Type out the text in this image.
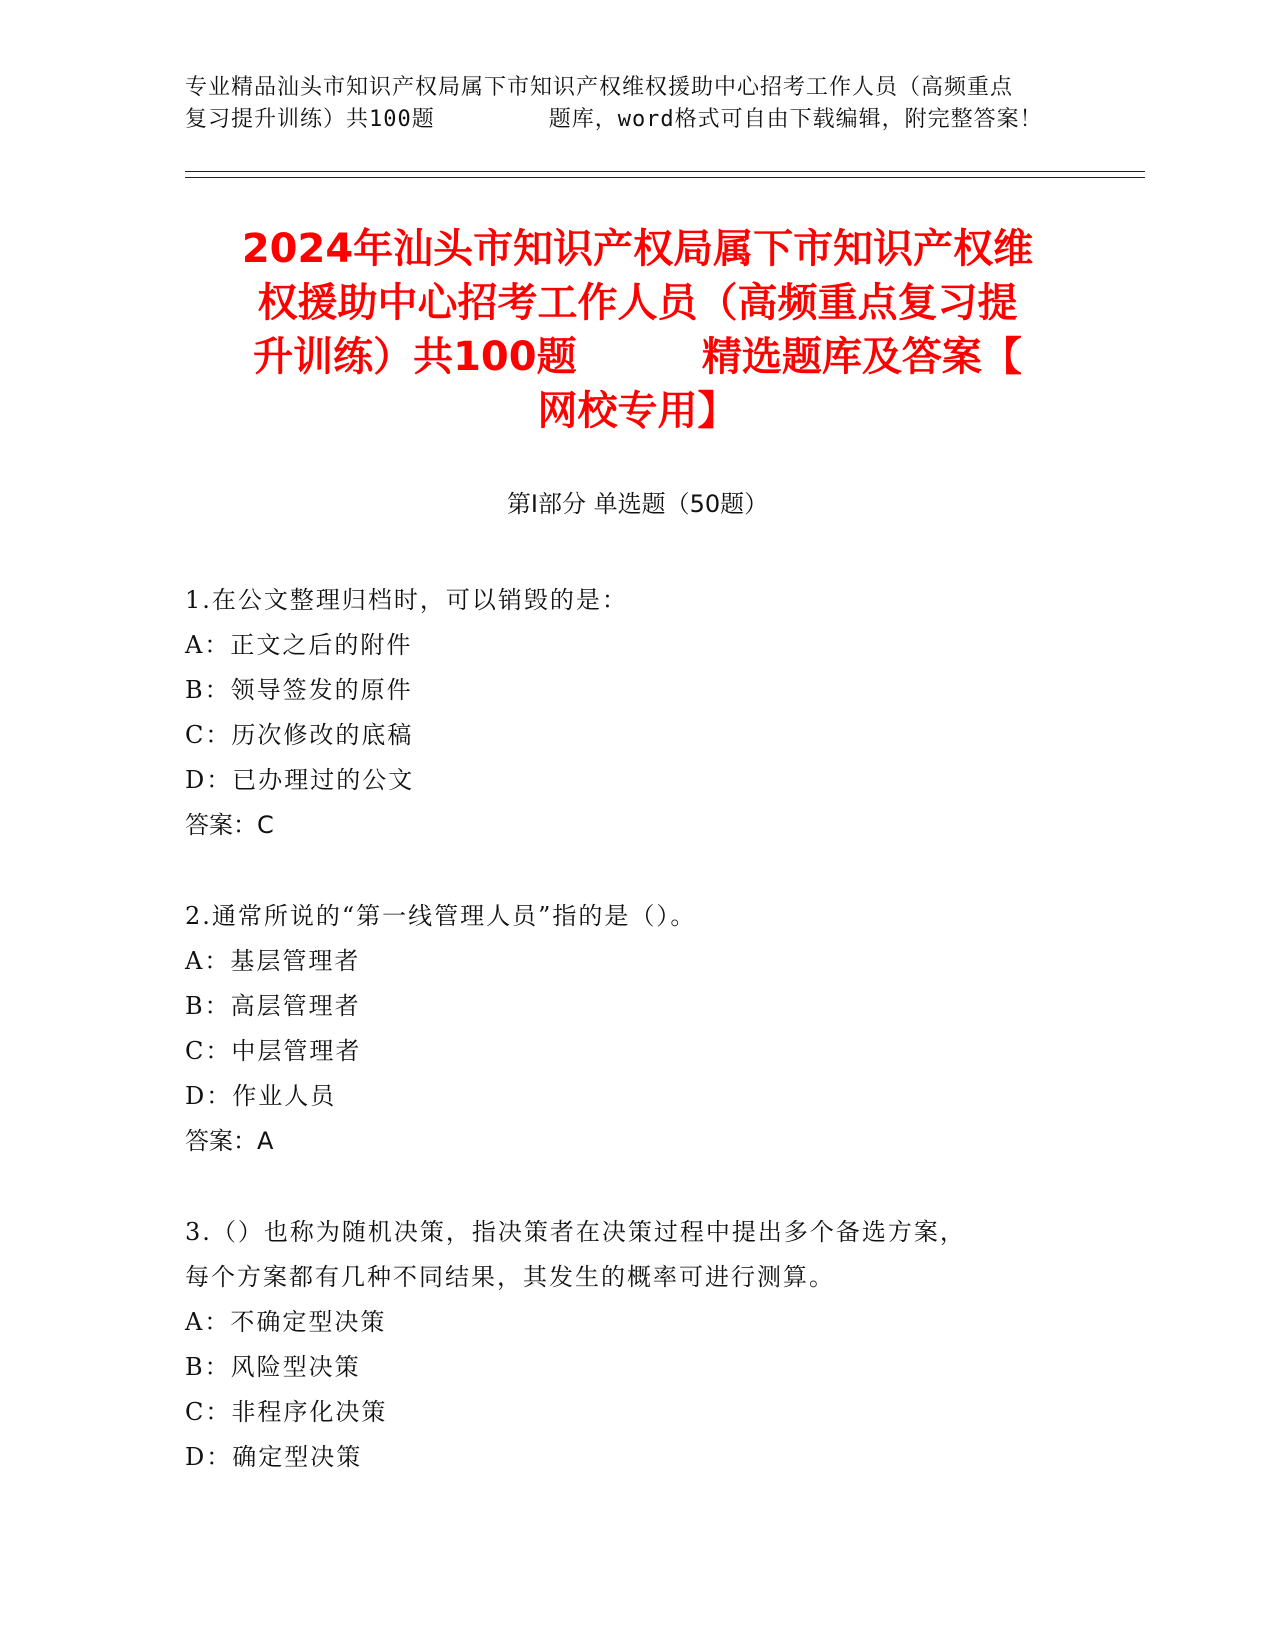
专业精品汕头市知识产权局属下市知识产权维权援助中心招考工作人员（高频重点
复习提升训练）共100题        题库，word格式可自由下载编辑，附完整答案！
2024年汕头市知识产权局属下市知识产权维
权援助中心招考工作人员（高频重点复习提
升训练）共100题         精选题库及答案【
网校专用】
第Ⅰ部分 单选题（50题）
1.在公文整理归档时，可以销毁的是：
A：正文之后的附件
B：领导签发的原件
C：历次修改的底稿
D：已办理过的公文
答案：C
2.通常所说的“第一线管理人员”指的是（）。
A：基层管理者
B：高层管理者
C：中层管理者
D：作业人员
答案：A
3.（）也称为随机决策，指决策者在决策过程中提出多个备选方案，
每个方案都有几种不同结果，其发生的概率可进行测算。
A：不确定型决策
B：风险型决策
C：非程序化决策
D：确定型决策
